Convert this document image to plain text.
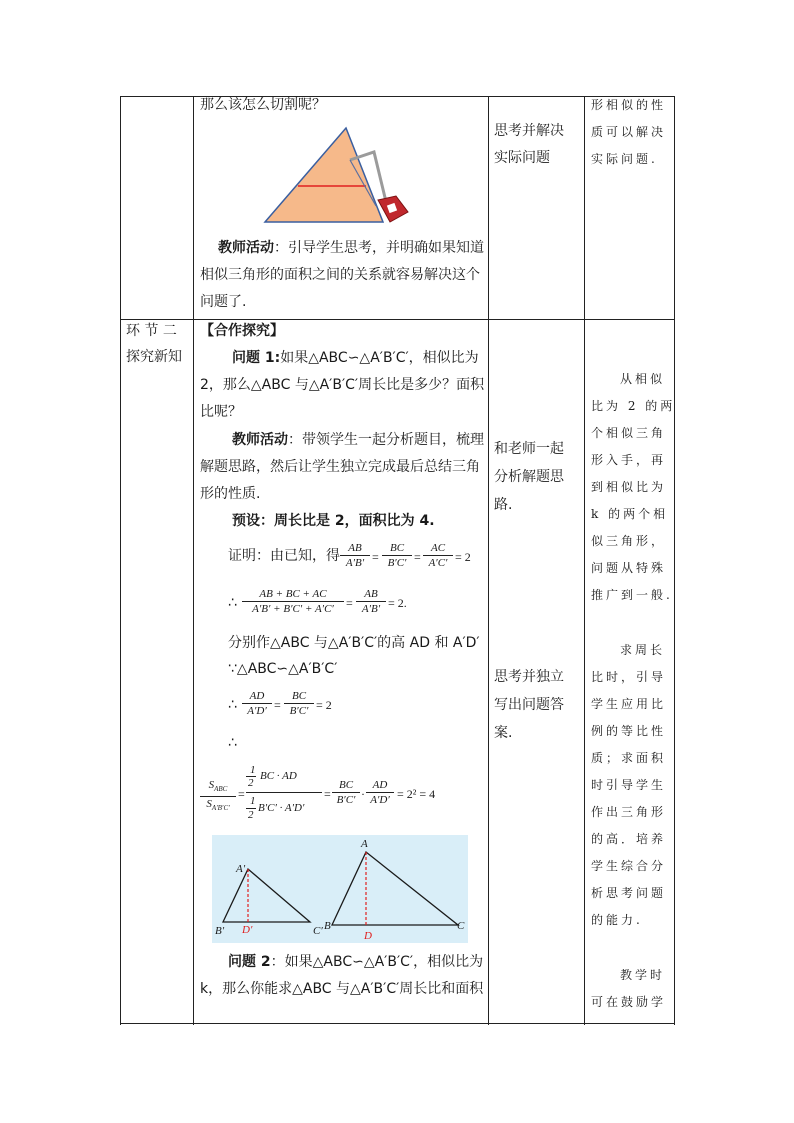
那么该怎么切割呢？
教师活动：引导学生思考，并明确如果知道
相似三角形的面积之间的关系就容易解决这个
问题了.
思考并解决
实际问题
形相似的性
质可以解决
实际问题.
环 节 二
探究新知
【合作探究】
问题 1:如果△ABC∽△A′B′C′，相似比为
2，那么△ABC 与△A′B′C′周长比是多少？面积
比呢？
教师活动：带领学生一起分析题目，梳理
解题思路，然后让学生独立完成最后总结三角
形的性质.
预设：周长比是 2，面积比为 4.
证明：由已知，得 $\frac{AB}{A'B'} = \frac{BC}{B'C'} = \frac{AC}{A'C'} = 2$
∴ $\frac{AB + BC + AC}{A'B' + B'C' + A'C'} = \frac{AB}{A'B'} = 2$.
分别作△ABC 与△A′B′C′的高 AD 和 A′D′
∵△ABC∽△A′B′C′
∴ $\frac{AD}{A'D'} = \frac{BC}{B'C'} = 2$
∴
$S_{ABC}$
$S_{A'B'C'}$
=
1
2
BC · AD
1
2
B′C′ · A′D′
= $\frac{BC}{B'C'} \cdot \frac{AD}{A'D'} = 2^2 = 4$
A′
B′	C′
D′
A
B	C
D
问题 2：如果△ABC∽△A′B′C′，相似比为
k，那么你能求△ABC 与△A′B′C′周长比和面积
和老师一起
分析解题思
路.
思考并独立
写出问题答
案.
从相似
比为 2 的两
个相似三角
形入手，再
到相似比为
k 的两个相
似三角形，
问题从特殊
推广到一般.
求周长
比时，引导
学生应用比
例的等比性
质；求面积
时引导学生
作出三角形
的高．培养
学生综合分
析思考问题
的能力.
教学时
可在鼓励学
